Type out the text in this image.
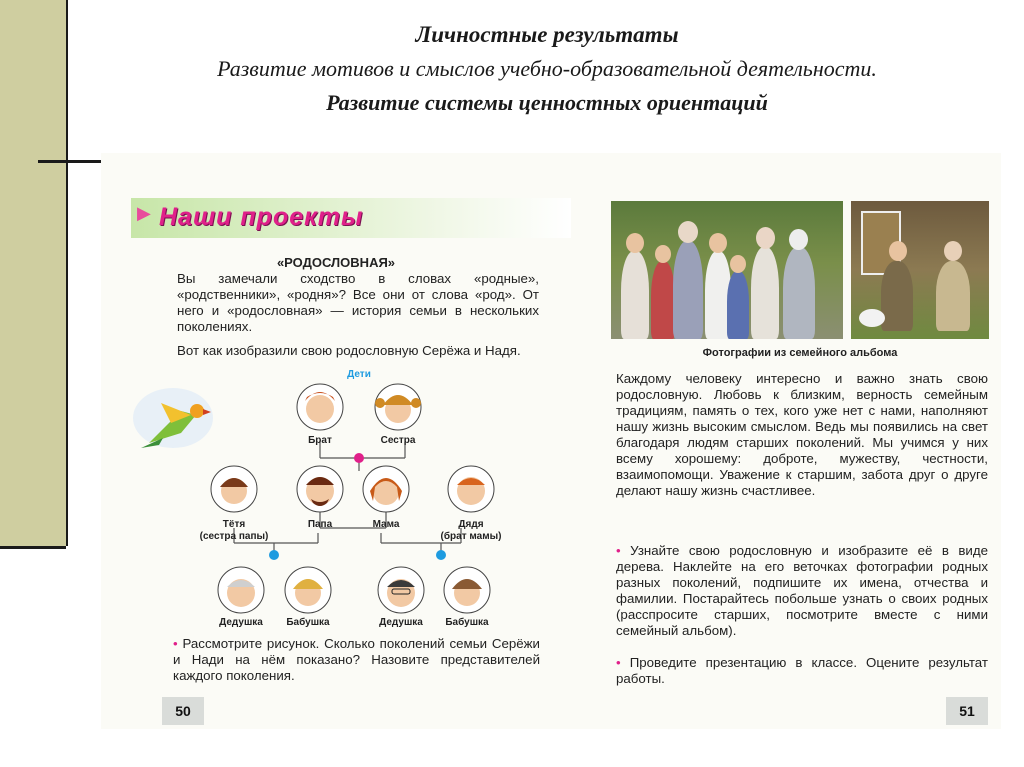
Личностные результаты
Развитие мотивов и смыслов учебно-образовательной деятельности.
Развитие системы ценностных ориентаций
▶ Наши проекты
«РОДОСЛОВНАЯ»
Вы замечали сходство в словах «родные», «родственники», «родня»? Все они от слова «род». От него и «родословная» — история семьи в нескольких поколениях.
Вот как изобразили свою родословную Серёжа и Надя.
Дети
Брат	Сестра
Тётя
(сестра папы)
Папа	Мама	Дядя
(брат мамы)
Дедушка Бабушка	Дедушка Бабушка
• Рассмотрите рисунок. Сколько поколений семьи Серёжи и Нади на нём показано? Назовите представителей каждого поколения.
50
Фотографии из семейного альбома
Каждому человеку интересно и важно знать свою родословную. Любовь к близким, верность семейным традициям, память о тех, кого уже нет с нами, наполняют нашу жизнь высоким смыслом. Ведь мы появились на свет благодаря людям старших поколений. Мы учимся у них всему хорошему: доброте, мужеству, честности, взаимопомощи. Уважение к старшим, забота друг о друге делают нашу жизнь счастливее.
• Узнайте свою родословную и изобразите её в виде дерева. Наклейте на его веточках фотографии родных разных поколений, подпишите их имена, отчества и фамилии. Постарайтесь побольше узнать о своих родных (расспросите старших, посмотрите вместе с ними семейный альбом).
• Проведите презентацию в классе. Оцените результат работы.
51
